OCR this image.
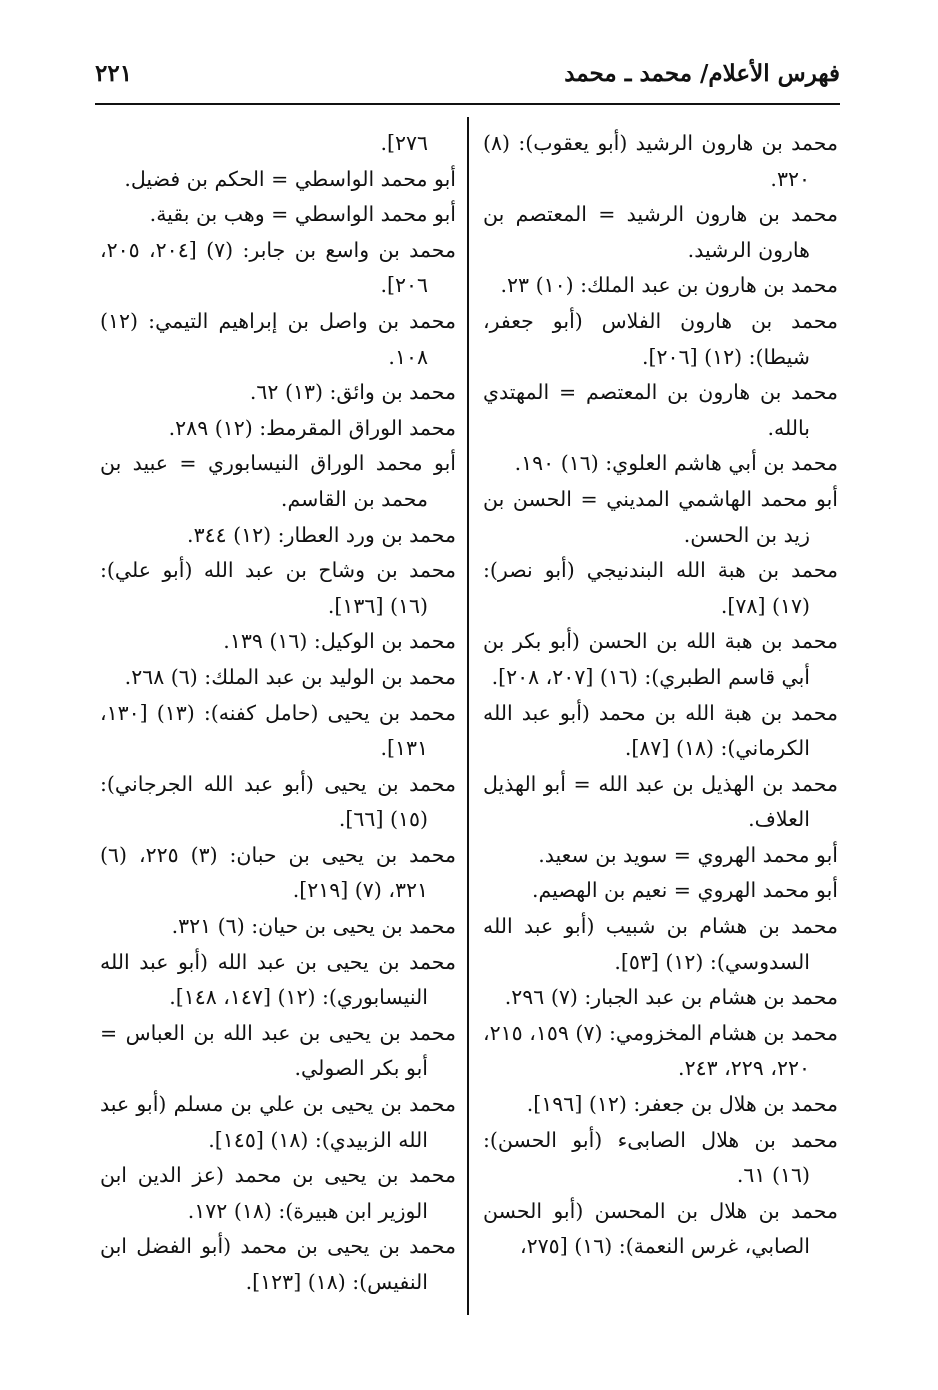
فهرس الأعلام/ محمد ـ محمد
٢٢١

محمد بن هارون الرشيد (أبو يعقوب): (٨) ٣٢٠.

محمد بن هارون الرشيد = المعتصم بن هارون الرشيد.

محمد بن هارون بن عبد الملك: (١٠) ٢٣.

محمد بن هارون الفلاس (أبو جعفر، شيطا): (١٢) [٢٠٦].

محمد بن هارون بن المعتصم = المهتدي بالله.

محمد بن أبي هاشم العلوي: (١٦) ١٩٠.

أبو محمد الهاشمي المديني = الحسن بن زيد بن الحسن.

محمد بن هبة الله البندنيجي (أبو نصر): (١٧) [٧٨].

محمد بن هبة الله بن الحسن (أبو بكر بن أبي قاسم الطبري): (١٦) [٢٠٧، ٢٠٨].

محمد بن هبة الله بن محمد (أبو عبد الله الكرماني): (١٨) [٨٧].

محمد بن الهذيل بن عبد الله = أبو الهذيل العلاف.

أبو محمد الهروي = سويد بن سعيد.

أبو محمد الهروي = نعيم بن الهصيم.

محمد بن هشام بن شبيب (أبو عبد الله السدوسي): (١٢) [٥٣].

محمد بن هشام بن عبد الجبار: (٧) ٢٩٦.

محمد بن هشام المخزومي: (٧) ١٥٩، ٢١٥، ٢٢٠، ٢٢٩، ٢٤٣.

محمد بن هلال بن جعفر: (١٢) [١٩٦].

محمد بن هلال الصابىء (أبو الحسن): (١٦) ٦١.

محمد بن هلال بن المحسن (أبو الحسن الصابي، غرس النعمة): (١٦) [٢٧٥،

٢٧٦].

أبو محمد الواسطي = الحكم بن فضيل.

أبو محمد الواسطي = وهب بن بقية.

محمد بن واسع بن جابر: (٧) [٢٠٤، ٢٠٥، ٢٠٦].

محمد بن واصل بن إبراهيم التيمي: (١٢) ١٠٨.

محمد بن وائق: (١٣) ٦٢.

محمد الوراق المقرمط: (١٢) ٢٨٩.

أبو محمد الوراق النيسابوري = عبيد بن محمد بن القاسم.

محمد بن ورد العطار: (١٢) ٣٤٤.

محمد بن وشاح بن عبد الله (أبو علي): (١٦) [١٣٦].

محمد بن الوكيل: (١٦) ١٣٩.

محمد بن الوليد بن عبد الملك: (٦) ٢٦٨.

محمد بن يحيى (حامل كفنه): (١٣) [١٣٠، ١٣١].

محمد بن يحيى (أبو عبد الله الجرجاني): (١٥) [٦٦].

محمد بن يحيى بن حبان: (٣) ٢٢٥، (٦) ٣٢١، (٧) [٢١٩].

محمد بن يحيى بن حيان: (٦) ٣٢١.

محمد بن يحيى بن عبد الله (أبو عبد الله النيسابوري): (١٢) [١٤٧، ١٤٨].

محمد بن يحيى بن عبد الله بن العباس = أبو بكر الصولي.

محمد بن يحيى بن علي بن مسلم (أبو عبد الله الزبيدي): (١٨) [١٤٥].

محمد بن يحيى بن محمد (عز الدين ابن الوزير ابن هبيرة): (١٨) ١٧٢.

محمد بن يحيى بن محمد (أبو الفضل ابن النفيس): (١٨) [١٢٣].
